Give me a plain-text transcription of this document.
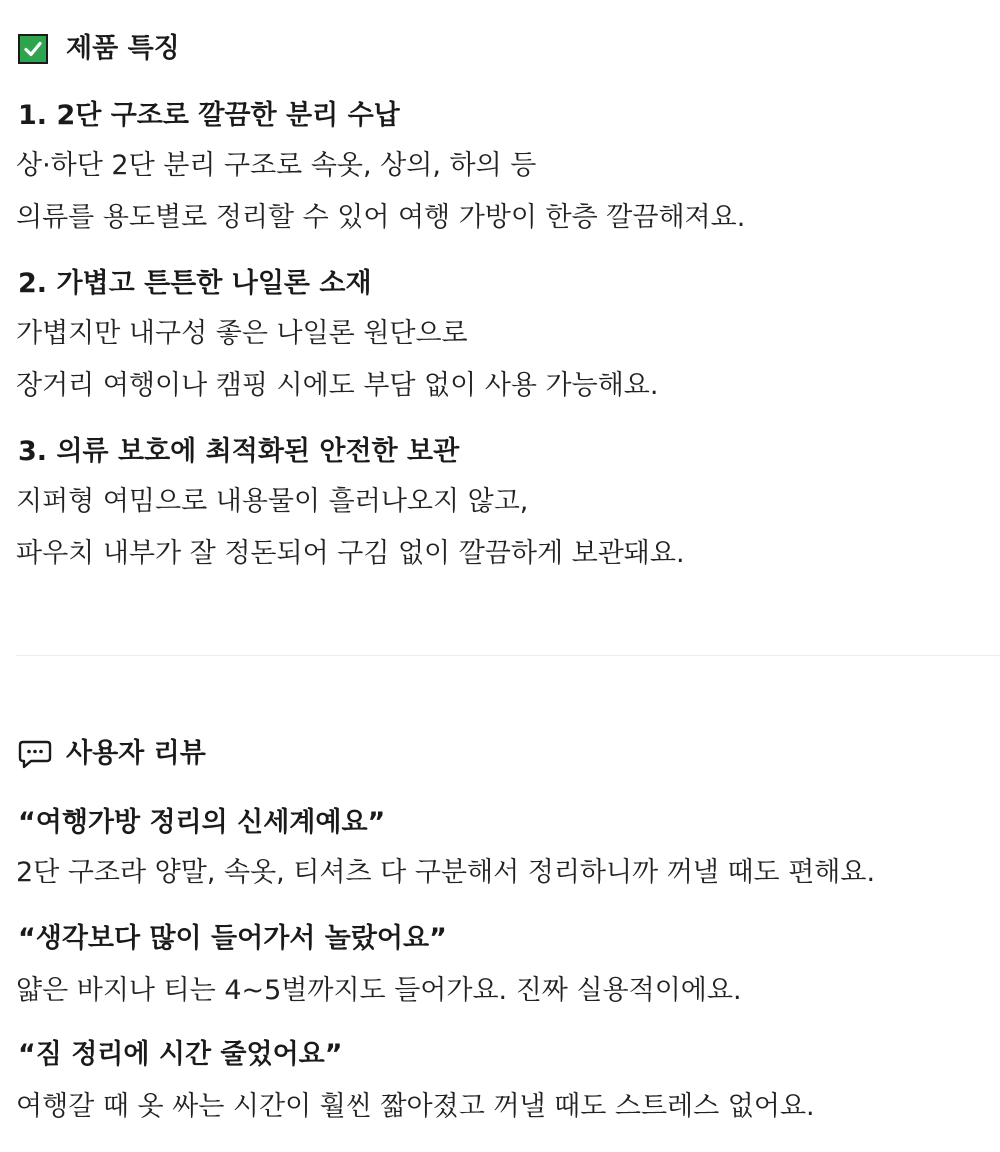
제품 특징
1. 2단 구조로 깔끔한 분리 수납
상·하단 2단 분리 구조로 속옷, 상의, 하의 등
의류를 용도별로 정리할 수 있어 여행 가방이 한층 깔끔해져요.
2. 가볍고 튼튼한 나일론 소재
가볍지만 내구성 좋은 나일론 원단으로
장거리 여행이나 캠핑 시에도 부담 없이 사용 가능해요.
3. 의류 보호에 최적화된 안전한 보관
지퍼형 여밈으로 내용물이 흘러나오지 않고,
파우치 내부가 잘 정돈되어 구김 없이 깔끔하게 보관돼요.
사용자 리뷰
“여행가방 정리의 신세계예요”
2단 구조라 양말, 속옷, 티셔츠 다 구분해서 정리하니까 꺼낼 때도 편해요.
“생각보다 많이 들어가서 놀랐어요”
얇은 바지나 티는 4~5벌까지도 들어가요. 진짜 실용적이에요.
“짐 정리에 시간 줄었어요”
여행갈 때 옷 싸는 시간이 훨씬 짧아졌고 꺼낼 때도 스트레스 없어요.
